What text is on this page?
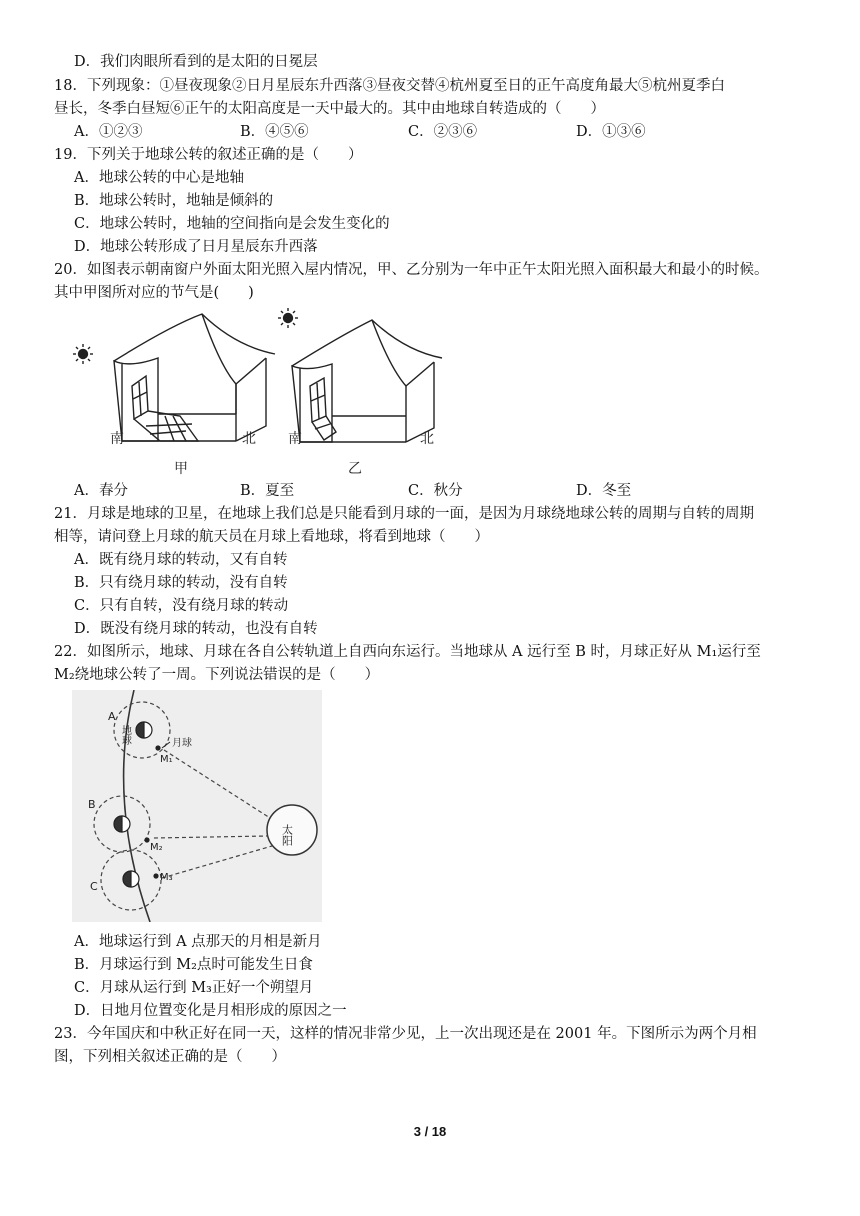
D．我们肉眼所看到的是太阳的日冕层
18．下列现象：①昼夜现象②日月星辰东升西落③昼夜交替④杭州夏至日的正午高度角最大⑤杭州夏季白
昼长，冬季白昼短⑥正午的太阳高度是一天中最大的。其中由地球自转造成的（　　）
A．①②③	B．④⑤⑥	C．②③⑥	D．①③⑥
19．下列关于地球公转的叙述正确的是（　　）
A．地球公转的中心是地轴
B．地球公转时，地轴是倾斜的
C．地球公转时，地轴的空间指向是会发生变化的
D．地球公转形成了日月星辰东升西落
20．如图表示朝南窗户外面太阳光照入屋内情况，甲、乙分别为一年中正午太阳光照入面积最大和最小的时候。
其中甲图所对应的节气是(　　)
南	北
甲
南	北
乙
A．春分	B．夏至	C．秋分	D．冬至
21．月球是地球的卫星，在地球上我们总是只能看到月球的一面，是因为月球绕地球公转的周期与自转的周期
相等，请问登上月球的航天员在月球上看地球，将看到地球（　　）
A．既有绕月球的转动，又有自转
B．只有绕月球的转动，没有自转
C．只有自转，没有绕月球的转动
D．既没有绕月球的转动，也没有自转
22．如图所示，地球、月球在各自公转轨道上自西向东运行。当地球从 A 远行至 B 时，月球正好从 M₁运行至
M₂绕地球公转了一周。下列说法错误的是（　　）
A
B
C
地球	月球
M₁
M₂
M₃
太阳
A．地球运行到 A 点那天的月相是新月
B．月球运行到 M₂点时可能发生日食
C．月球从运行到 M₃正好一个朔望月
D．日地月位置变化是月相形成的原因之一
23．今年国庆和中秋正好在同一天，这样的情况非常少见，上一次出现还是在 2001 年。下图所示为两个月相
图，下列相关叙述正确的是（　　）
3 / 18
